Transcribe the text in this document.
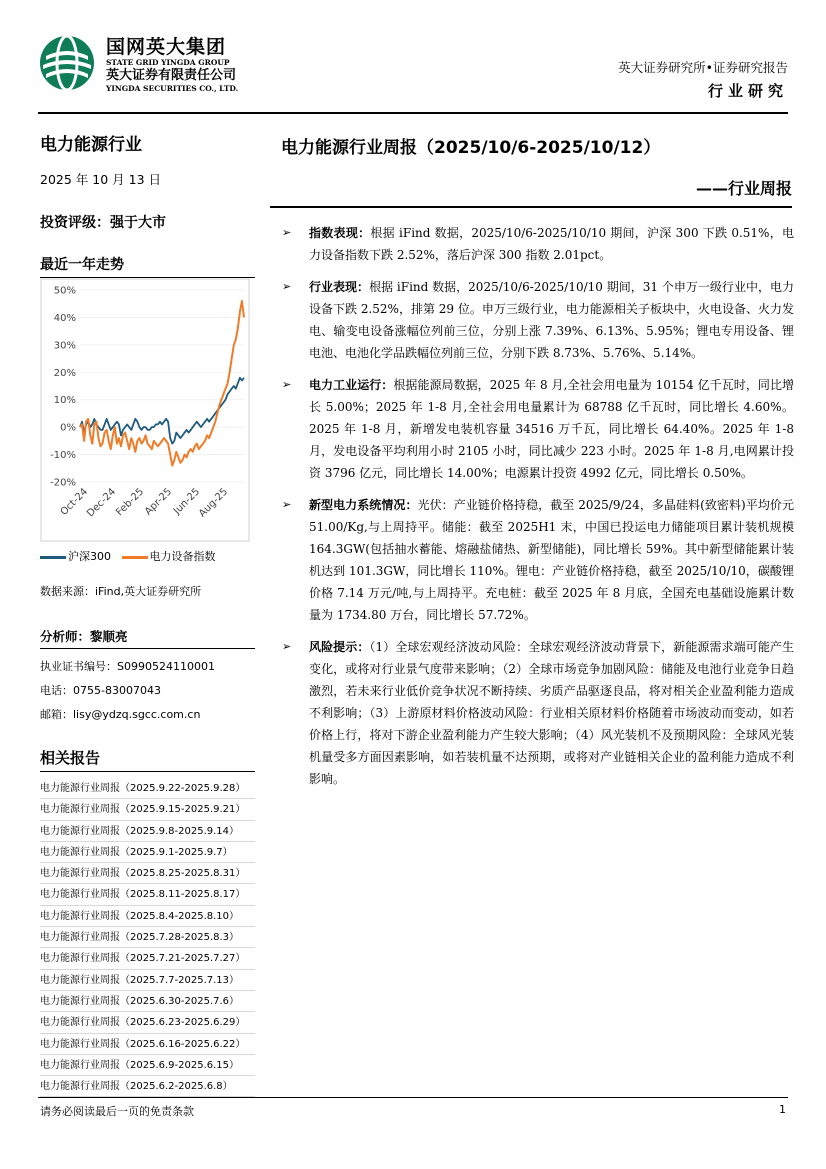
国网英大集团
STATE GRID YINGDA GROUP
英大证券有限责任公司
YINGDA SECURITIES CO., LTD.
英大证券研究所•证券研究报告
行业研究
电力能源行业
2025 年 10 月 13 日
投资评级：强于大市
最近一年走势
50%
40%
30%
20%
10%
0%
-10%
-20%
Oct-24
Dec-24
Feb-25
Apr-25
Jun-25
Aug-25
沪深300	电力设备指数
数据来源：iFind,英大证券研究所
分析师：黎顺亮
执业证书编号：S0990524110001
电话：0755-83007043
邮箱：lisy@ydzq.sgcc.com.cn
相关报告
电力能源行业周报（2025.9.22-2025.9.28）
电力能源行业周报（2025.9.15-2025.9.21）
电力能源行业周报（2025.9.8-2025.9.14）
电力能源行业周报（2025.9.1-2025.9.7）
电力能源行业周报（2025.8.25-2025.8.31）
电力能源行业周报（2025.8.11-2025.8.17）
电力能源行业周报（2025.8.4-2025.8.10）
电力能源行业周报（2025.7.28-2025.8.3）
电力能源行业周报（2025.7.21-2025.7.27）
电力能源行业周报（2025.7.7-2025.7.13）
电力能源行业周报（2025.6.30-2025.7.6）
电力能源行业周报（2025.6.23-2025.6.29）
电力能源行业周报（2025.6.16-2025.6.22）
电力能源行业周报（2025.6.9-2025.6.15）
电力能源行业周报（2025.6.2-2025.6.8）
电力能源行业周报（2025/10/6-2025/10/12）
——行业周报
➢ 指数表现：根据 iFind 数据，2025/10/6-2025/10/10 期间，沪深 300 下跌 0.51%，电力设备指数下跌 2.52%，落后沪深 300 指数 2.01pct。
➢ 行业表现：根据 iFind 数据，2025/10/6-2025/10/10 期间，31 个申万一级行业中，电力设备下跌 2.52%，排第 29 位。申万三级行业，电力能源相关子板块中，火电设备、火力发电、输变电设备涨幅位列前三位，分别上涨 7.39%、6.13%、5.95%；锂电专用设备、锂电池、电池化学品跌幅位列前三位，分别下跌 8.73%、5.76%、5.14%。
➢ 电力工业运行：根据能源局数据，2025 年 8 月,全社会用电量为 10154 亿千瓦时，同比增长 5.00%；2025 年 1-8 月,全社会用电量累计为 68788 亿千瓦时，同比增长 4.60%。2025 年 1-8 月，新增发电装机容量 34516 万千瓦，同比增长 64.40%。2025 年 1-8 月，发电设备平均利用小时 2105 小时，同比减少 223 小时。2025 年 1-8 月,电网累计投资 3796 亿元，同比增长 14.00%；电源累计投资 4992 亿元，同比增长 0.50%。
➢ 新型电力系统情况：光伏：产业链价格持稳，截至 2025/9/24，多晶硅料(致密料)平均价元 51.00/Kg,与上周持平。储能：截至 2025H1 末，中国已投运电力储能项目累计装机规模 164.3GW(包括抽水蓄能、熔融盐储热、新型储能)，同比增长 59%。其中新型储能累计装机达到 101.3GW，同比增长 110%。锂电：产业链价格持稳，截至 2025/10/10，碳酸锂价格 7.14 万元/吨,与上周持平。充电桩：截至 2025 年 8 月底，全国充电基础设施累计数量为 1734.80 万台，同比增长 57.72%。
➢ 风险提示：（1）全球宏观经济波动风险：全球宏观经济波动背景下，新能源需求端可能产生变化，或将对行业景气度带来影响；（2）全球市场竞争加剧风险：储能及电池行业竞争日趋激烈，若未来行业低价竞争状况不断持续、劣质产品驱逐良品，将对相关企业盈利能力造成不利影响；（3）上游原材料价格波动风险：行业相关原材料价格随着市场波动而变动，如若价格上行，将对下游企业盈利能力产生较大影响；（4）风光装机不及预期风险：全球风光装机量受多方面因素影响，如若装机量不达预期，或将对产业链相关企业的盈利能力造成不利影响。
请务必阅读最后一页的免责条款	1
